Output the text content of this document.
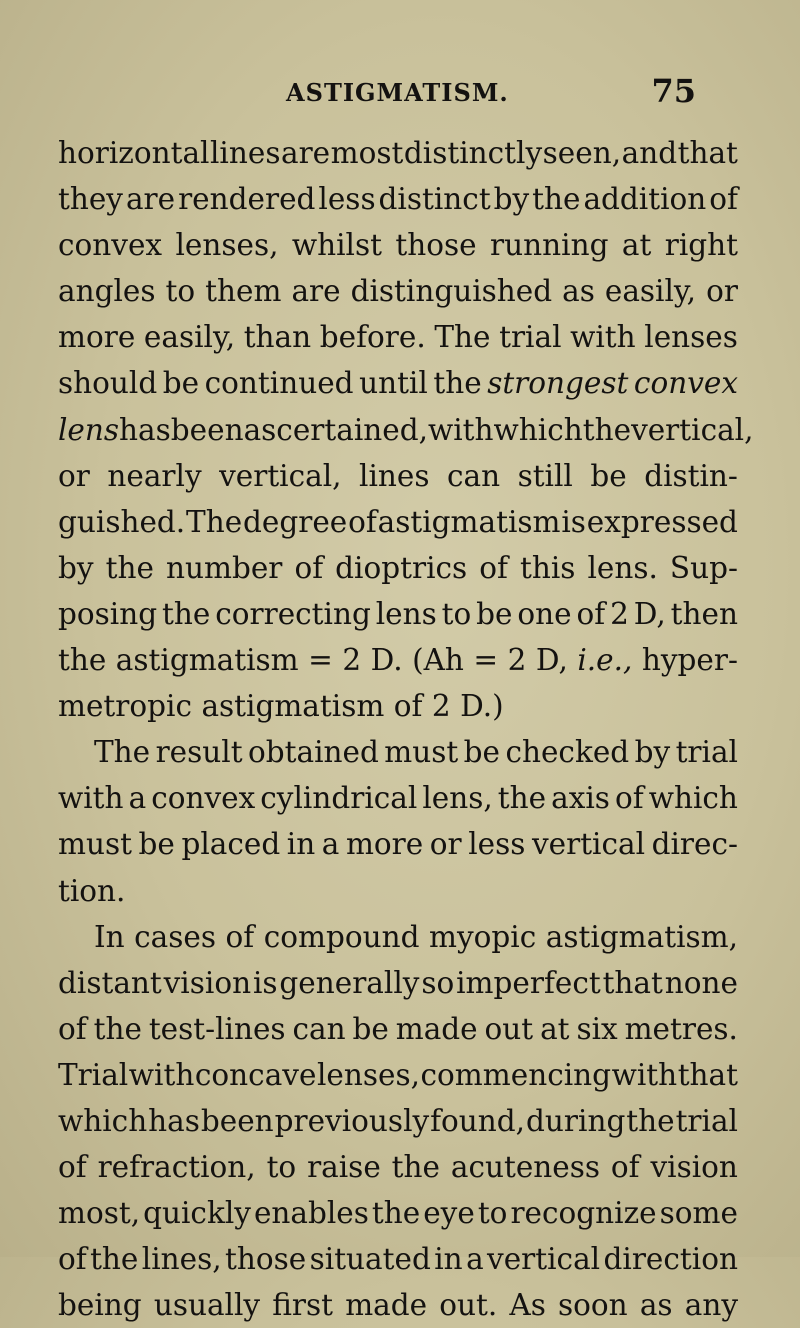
ASTIGMATISM.	75
horizontal lines are most distinctly seen, and that
they are rendered less distinct by the addition of
convex lenses, whilst those running at right
angles to them are distinguished as easily, or
more easily, than before. The trial with lenses
should be continued until the strongest convex
lens has been ascertained, with which the vertical,
or nearly vertical, lines can still be distin-
guished. The degree of astigmatism is expressed
by the number of dioptrics of this lens. Sup-
posing the correcting lens to be one of 2 D, then
the astigmatism = 2 D. (Ah = 2 D, i.e., hyper-
metropic astigmatism of 2 D.)
The result obtained must be checked by trial
with a convex cylindrical lens, the axis of which
must be placed in a more or less vertical direc-
tion.
In cases of compound myopic astigmatism,
distant vision is generally so imperfect that none
of the test-lines can be made out at six metres.
Trial with concave lenses, commencing with that
which has been previously found, during the trial
of refraction, to raise the acuteness of vision
most, quickly enables the eye to recognize some
of the lines, those situated in a vertical direction
being usually first made out. As soon as any
